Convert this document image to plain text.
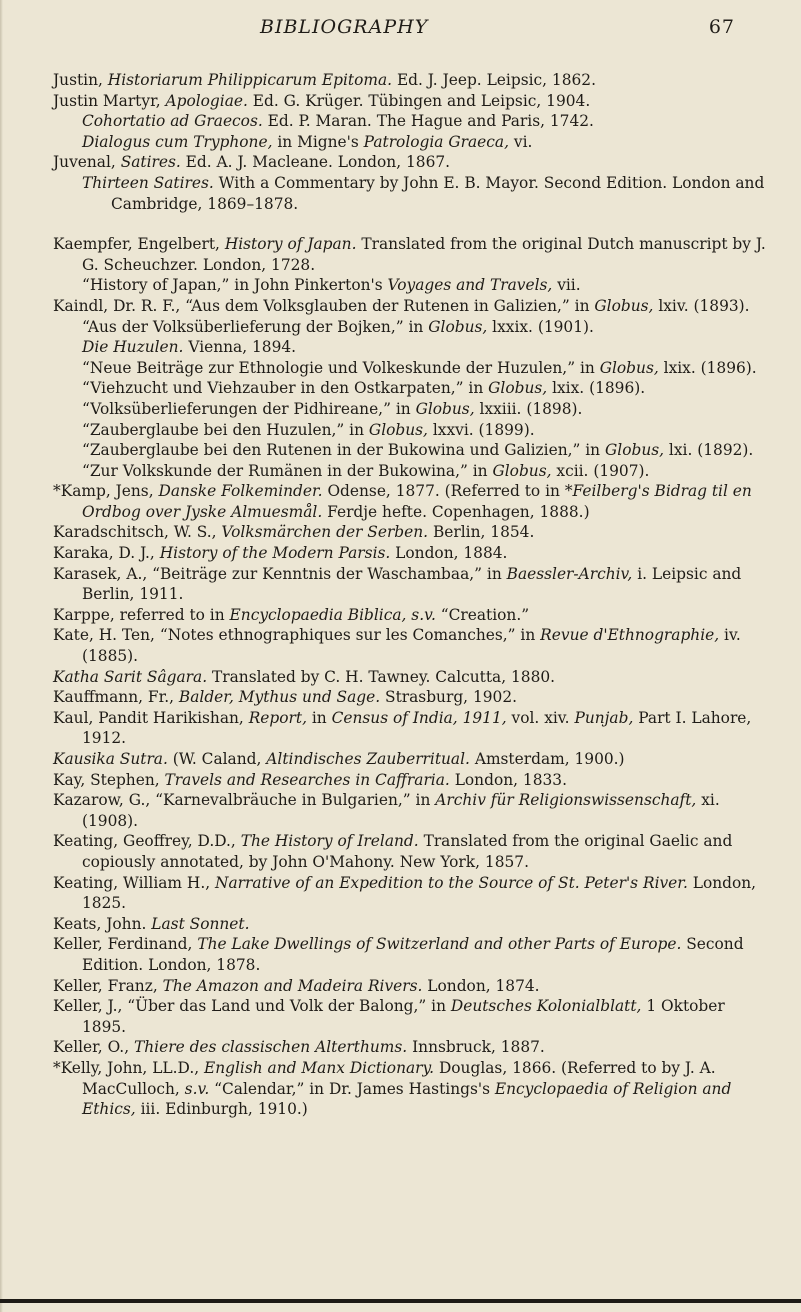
BIBLIOGRAPHY	67
Justin, Historiarum Philippicarum Epitoma. Ed. J. Jeep. Leipsic, 1862.
Justin Martyr, Apologiae. Ed. G. Krüger. Tübingen and Leipsic, 1904.
Cohortatio ad Graecos. Ed. P. Maran. The Hague and Paris, 1742.
Dialogus cum Tryphone, in Migne's Patrologia Graeca, vi.
Juvenal, Satires. Ed. A. J. Macleane. London, 1867.
Thirteen Satires. With a Commentary by John E. B. Mayor. Second Edition. London and Cambridge, 1869–1878.
Kaempfer, Engelbert, History of Japan. Translated from the original Dutch manuscript by J. G. Scheuchzer. London, 1728.
“History of Japan,” in John Pinkerton's Voyages and Travels, vii.
Kaindl, Dr. R. F., “Aus dem Volksglauben der Rutenen in Galizien,” in Globus, lxiv. (1893).
“Aus der Volksüberlieferung der Bojken,” in Globus, lxxix. (1901).
Die Huzulen. Vienna, 1894.
“Neue Beiträge zur Ethnologie und Volkeskunde der Huzulen,” in Globus, lxix. (1896).
“Viehzucht und Viehzauber in den Ostkarpaten,” in Globus, lxix. (1896).
“Volksüberlieferungen der Pidhireane,” in Globus, lxxiii. (1898).
“Zauberglaube bei den Huzulen,” in Globus, lxxvi. (1899).
“Zauberglaube bei den Rutenen in der Bukowina und Galizien,” in Globus, lxi. (1892).
“Zur Volkskunde der Rumänen in der Bukowina,” in Globus, xcii. (1907).
*Kamp, Jens, Danske Folkeminder. Odense, 1877. (Referred to in *Feilberg's Bidrag til en Ordbog over Jyske Almuesmål. Ferdje hefte. Copenhagen, 1888.)
Karadschitsch, W. S., Volksmärchen der Serben. Berlin, 1854.
Karaka, D. J., History of the Modern Parsis. London, 1884.
Karasek, A., “Beiträge zur Kenntnis der Waschambaa,” in Baessler-Archiv, i. Leipsic and Berlin, 1911.
Karppe, referred to in Encyclopaedia Biblica, s.v. “Creation.”
Kate, H. Ten, “Notes ethnographiques sur les Comanches,” in Revue d'Ethnographie, iv. (1885).
Katha Sarit Sâgara. Translated by C. H. Tawney. Calcutta, 1880.
Kauffmann, Fr., Balder, Mythus und Sage. Strasburg, 1902.
Kaul, Pandit Harikishan, Report, in Census of India, 1911, vol. xiv. Punjab, Part I. Lahore, 1912.
Kausika Sutra. (W. Caland, Altindisches Zauberritual. Amsterdam, 1900.)
Kay, Stephen, Travels and Researches in Caffraria. London, 1833.
Kazarow, G., “Karnevalbräuche in Bulgarien,” in Archiv für Religionswissenschaft, xi. (1908).
Keating, Geoffrey, D.D., The History of Ireland. Translated from the original Gaelic and copiously annotated, by John O'Mahony. New York, 1857.
Keating, William H., Narrative of an Expedition to the Source of St. Peter's River. London, 1825.
Keats, John. Last Sonnet.
Keller, Ferdinand, The Lake Dwellings of Switzerland and other Parts of Europe. Second Edition. London, 1878.
Keller, Franz, The Amazon and Madeira Rivers. London, 1874.
Keller, J., “Über das Land und Volk der Balong,” in Deutsches Kolonialblatt, 1 Oktober 1895.
Keller, O., Thiere des classischen Alterthums. Innsbruck, 1887.
*Kelly, John, LL.D., English and Manx Dictionary. Douglas, 1866. (Referred to by J. A. MacCulloch, s.v. “Calendar,” in Dr. James Hastings's Encyclopaedia of Religion and Ethics, iii. Edinburgh, 1910.)
